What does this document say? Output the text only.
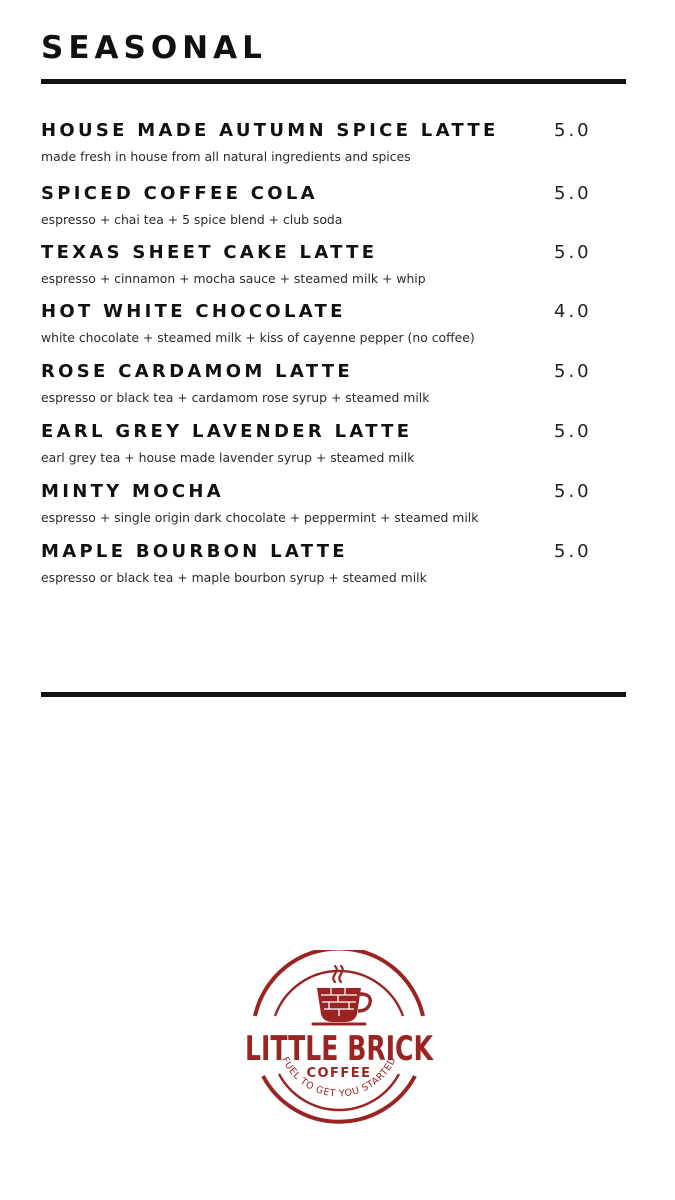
SEASONAL
HOUSE MADE AUTUMN SPICE LATTE	5.0
made fresh in house from all natural ingredients and spices
SPICED COFFEE COLA	5.0
espresso + chai tea + 5 spice blend + club soda
TEXAS SHEET CAKE LATTE	5.0
espresso + cinnamon + mocha sauce + steamed milk + whip
HOT WHITE CHOCOLATE	4.0
white chocolate + steamed milk + kiss of cayenne pepper (no coffee)
ROSE CARDAMOM LATTE	5.0
espresso or black tea + cardamom rose syrup + steamed milk
EARL GREY LAVENDER LATTE	5.0
earl grey tea + house made lavender syrup + steamed milk
MINTY MOCHA	5.0
espresso + single origin dark chocolate + peppermint + steamed milk
MAPLE BOURBON LATTE	5.0
espresso or black tea + maple bourbon syrup + steamed milk
LITTLE BRICK
COFFEE
FUEL TO GET YOU STARTED
